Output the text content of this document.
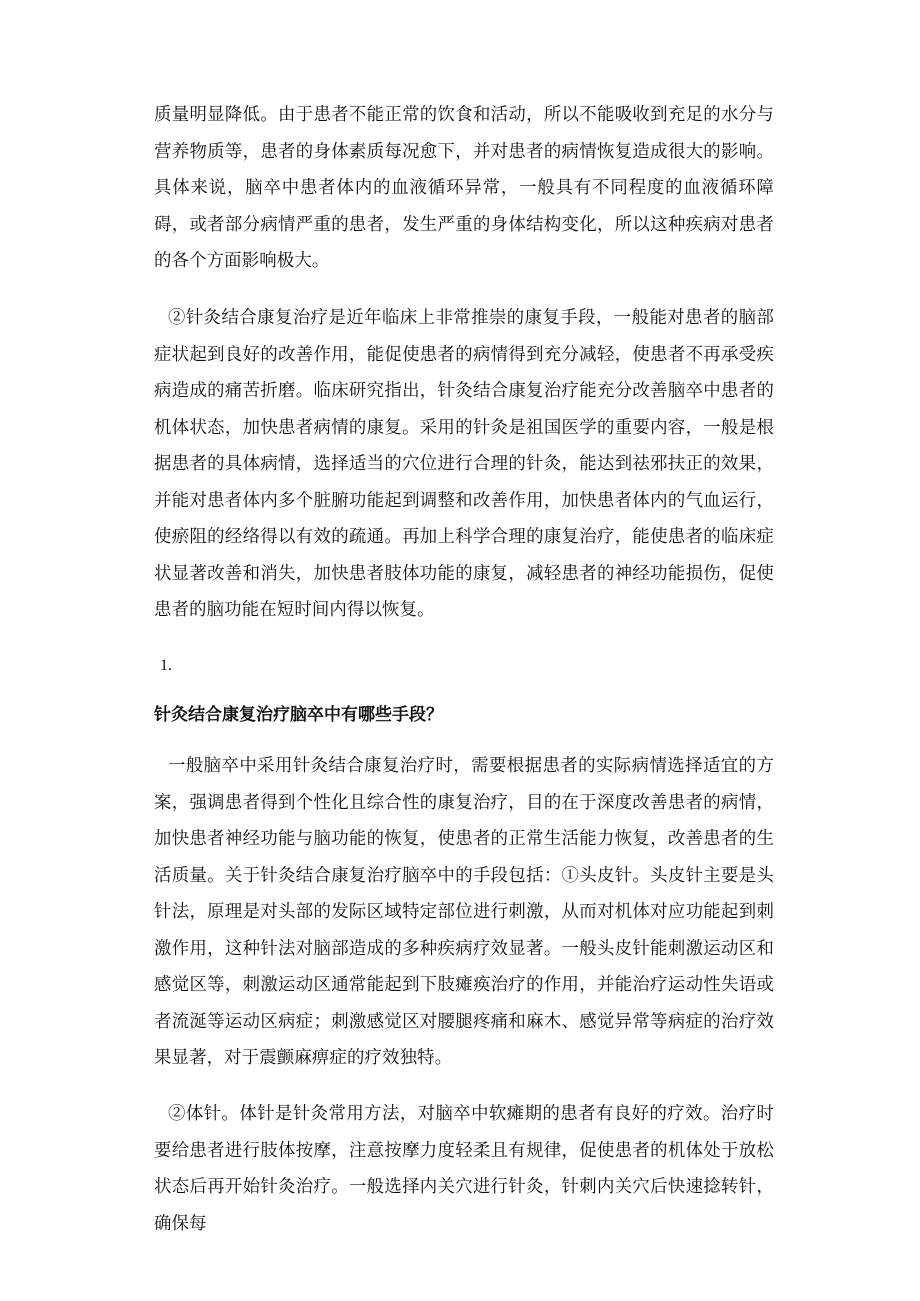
质量明显降低。由于患者不能正常的饮食和活动，所以不能吸收到充足的水分与营养物质等，患者的身体素质每况愈下，并对患者的病情恢复造成很大的影响。具体来说，脑卒中患者体内的血液循环异常，一般具有不同程度的血液循环障碍，或者部分病情严重的患者，发生严重的身体结构变化，所以这种疾病对患者的各个方面影响极大。

②针灸结合康复治疗是近年临床上非常推崇的康复手段，一般能对患者的脑部症状起到良好的改善作用，能促使患者的病情得到充分减轻，使患者不再承受疾病造成的痛苦折磨。临床研究指出，针灸结合康复治疗能充分改善脑卒中患者的机体状态，加快患者病情的康复。采用的针灸是祖国医学的重要内容，一般是根据患者的具体病情，选择适当的穴位进行合理的针灸，能达到祛邪扶正的效果，并能对患者体内多个脏腑功能起到调整和改善作用，加快患者体内的气血运行，使瘀阻的经络得以有效的疏通。再加上科学合理的康复治疗，能使患者的临床症状显著改善和消失，加快患者肢体功能的康复，减轻患者的神经功能损伤，促使患者的脑功能在短时间内得以恢复。

1.
针灸结合康复治疗脑卒中有哪些手段？

一般脑卒中采用针灸结合康复治疗时，需要根据患者的实际病情选择适宜的方案，强调患者得到个性化且综合性的康复治疗，目的在于深度改善患者的病情，加快患者神经功能与脑功能的恢复，使患者的正常生活能力恢复，改善患者的生活质量。关于针灸结合康复治疗脑卒中的手段包括：①头皮针。头皮针主要是头针法，原理是对头部的发际区域特定部位进行刺激，从而对机体对应功能起到刺激作用，这种针法对脑部造成的多种疾病疗效显著。一般头皮针能刺激运动区和感觉区等，刺激运动区通常能起到下肢瘫痪治疗的作用，并能治疗运动性失语或者流涎等运动区病症；刺激感觉区对腰腿疼痛和麻木、感觉异常等病症的治疗效果显著，对于震颤麻痹症的疗效独特。

②体针。体针是针灸常用方法，对脑卒中软瘫期的患者有良好的疗效。治疗时要给患者进行肢体按摩，注意按摩力度轻柔且有规律，促使患者的机体处于放松状态后再开始针灸治疗。一般选择内关穴进行针灸，针刺内关穴后快速捻转针，确保每
